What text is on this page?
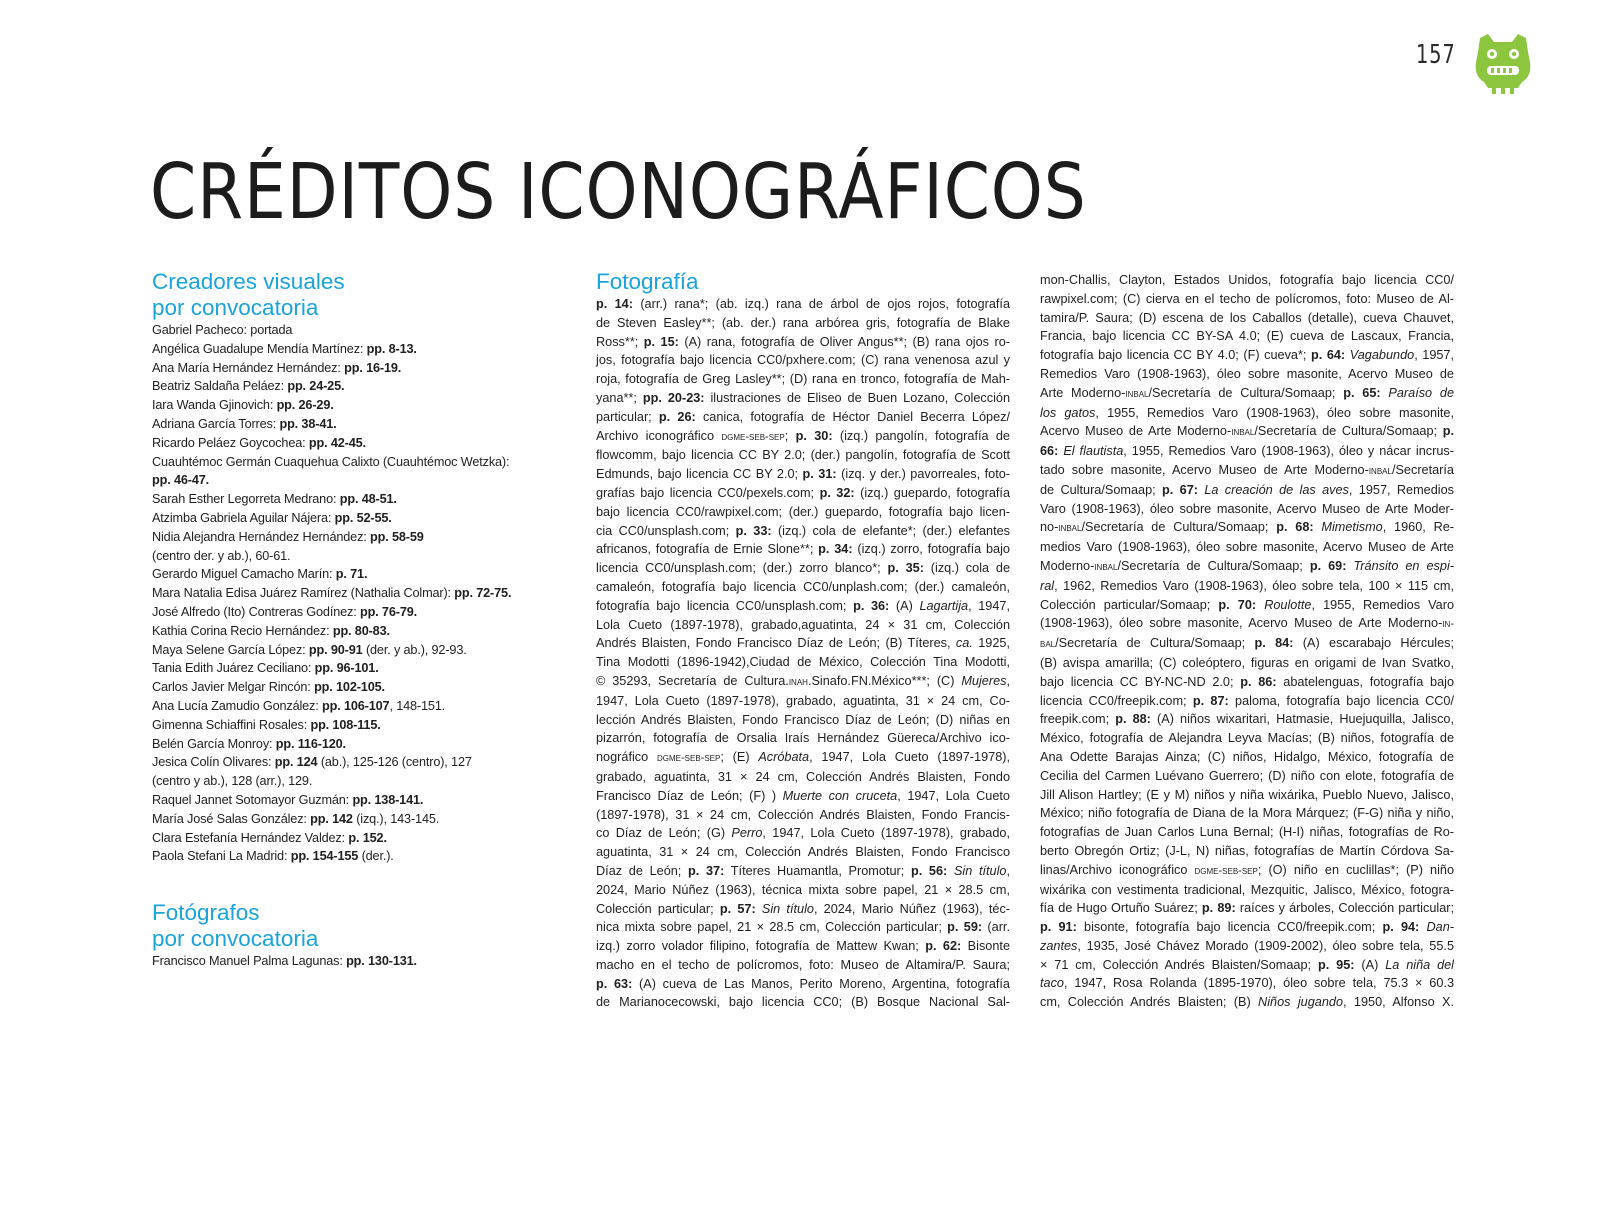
157
CRÉDITOS ICONOGRÁFICOS
Creadores visuales
por convocatoria
Gabriel Pacheco: portada
Angélica Guadalupe Mendía Martínez: pp. 8-13.
Ana María Hernández Hernández: pp. 16-19.
Beatriz Saldaña Peláez: pp. 24-25.
Iara Wanda Gjinovich: pp. 26-29.
Adriana García Torres: pp. 38-41.
Ricardo Peláez Goycochea: pp. 42-45.
Cuauhtémoc Germán Cuaquehua Calixto (Cuauhtémoc Wetzka):
pp. 46-47.
Sarah Esther Legorreta Medrano: pp. 48-51.
Atzimba Gabriela Aguilar Nájera: pp. 52-55.
Nidia Alejandra Hernández Hernández: pp. 58-59
(centro der. y ab.), 60-61.
Gerardo Miguel Camacho Marín: p. 71.
Mara Natalia Edisa Juárez Ramírez (Nathalia Colmar): pp. 72-75.
José Alfredo (Ito) Contreras Godínez: pp. 76-79.
Kathia Corina Recio Hernández: pp. 80-83.
Maya Selene García López: pp. 90-91 (der. y ab.), 92-93.
Tania Edith Juárez Ceciliano: pp. 96-101.
Carlos Javier Melgar Rincón: pp. 102-105.
Ana Lucía Zamudio González: pp. 106-107, 148-151.
Gimenna Schiaffini Rosales: pp. 108-115.
Belén García Monroy: pp. 116-120.
Jesica Colín Olivares: pp. 124 (ab.), 125-126 (centro), 127
(centro y ab.), 128 (arr.), 129.
Raquel Jannet Sotomayor Guzmán: pp. 138-141.
María José Salas González: pp. 142 (izq.), 143-145.
Clara Estefanía Hernández Valdez: p. 152.
Paola Stefani La Madrid: pp. 154-155 (der.).
Fotógrafos
por convocatoria
Francisco Manuel Palma Lagunas: pp. 130-131.
Fotografía
p. 14: (arr.) rana*; (ab. izq.) rana de árbol de ojos rojos, fotografía
de Steven Easley**; (ab. der.) rana arbórea gris, fotografía de Blake
Ross**; p. 15: (A) rana, fotografía de Oliver Angus**; (B) rana ojos ro-
jos, fotografía bajo licencia CC0/pxhere.com; (C) rana venenosa azul y
roja, fotografía de Greg Lasley**; (D) rana en tronco, fotografía de Mah-
yana**; pp. 20-23: ilustraciones de Eliseo de Buen Lozano, Colección
particular; p. 26: canica, fotografía de Héctor Daniel Becerra López/
Archivo iconográfico dgme-seb-sep; p. 30: (izq.) pangolín, fotografía de
flowcomm, bajo licencia CC BY 2.0; (der.) pangolín, fotografía de Scott
Edmunds, bajo licencia CC BY 2.0; p. 31: (izq. y der.) pavorreales, foto-
grafías bajo licencia CC0/pexels.com; p. 32: (izq.) guepardo, fotografía
bajo licencia CC0/rawpixel.com; (der.) guepardo, fotografía bajo licen-
cia CC0/unsplash.com; p. 33: (izq.) cola de elefante*; (der.) elefantes
africanos, fotografía de Ernie Slone**; p. 34: (izq.) zorro, fotografía bajo
licencia CC0/unsplash.com; (der.) zorro blanco*; p. 35: (izq.) cola de
camaleón, fotografía bajo licencia CC0/unplash.com; (der.) camaleón,
fotografía bajo licencia CC0/unsplash.com; p. 36: (A) Lagartija, 1947,
Lola Cueto (1897-1978), grabado,aguatinta, 24 × 31 cm, Colección
Andrés Blaisten, Fondo Francisco Díaz de León; (B) Títeres, ca. 1925,
Tina Modotti (1896-1942),Ciudad de México, Colección Tina Modotti,
© 35293, Secretaría de Cultura.inah.Sinafo.FN.México***; (C) Mujeres,
1947, Lola Cueto (1897-1978), grabado, aguatinta, 31 × 24 cm, Co-
lección Andrés Blaisten, Fondo Francisco Díaz de León; (D) niñas en
pizarrón, fotografía de Orsalia Iraís Hernández Güereca/Archivo ico-
nográfico dgme-seb-sep; (E) Acróbata, 1947, Lola Cueto (1897-1978),
grabado, aguatinta, 31 × 24 cm, Colección Andrés Blaisten, Fondo
Francisco Díaz de León; (F) ) Muerte con cruceta, 1947, Lola Cueto
(1897-1978), 31 × 24 cm, Colección Andrés Blaisten, Fondo Francis-
co Díaz de León; (G) Perro, 1947, Lola Cueto (1897-1978), grabado,
aguatinta, 31 × 24 cm, Colección Andrés Blaisten, Fondo Francisco
Díaz de León; p. 37: Títeres Huamantla, Promotur; p. 56: Sin título,
2024, Mario Núñez (1963), técnica mixta sobre papel, 21 × 28.5 cm,
Colección particular; p. 57: Sin título, 2024, Mario Núñez (1963), téc-
nica mixta sobre papel, 21 × 28.5 cm, Colección particular; p. 59: (arr.
izq.) zorro volador filipino, fotografía de Mattew Kwan; p. 62: Bisonte
macho en el techo de polícromos, foto: Museo de Altamira/P. Saura;
p. 63: (A) cueva de Las Manos, Perito Moreno, Argentina, fotografía
de Marianocecowski, bajo licencia CC0; (B) Bosque Nacional Sal-
mon-Challis, Clayton, Estados Unidos, fotografía bajo licencia CC0/
rawpixel.com; (C) cierva en el techo de polícromos, foto: Museo de Al-
tamira/P. Saura; (D) escena de los Caballos (detalle), cueva Chauvet,
Francia, bajo licencia CC BY-SA 4.0; (E) cueva de Lascaux, Francia,
fotografía bajo licencia CC BY 4.0; (F) cueva*; p. 64: Vagabundo, 1957,
Remedios Varo (1908-1963), óleo sobre masonite, Acervo Museo de
Arte Moderno-inbal/Secretaría de Cultura/Somaap; p. 65: Paraíso de
los gatos, 1955, Remedios Varo (1908-1963), óleo sobre masonite,
Acervo Museo de Arte Moderno-inbal/Secretaría de Cultura/Somaap; p.
66: El flautista, 1955, Remedios Varo (1908-1963), óleo y nácar incrus-
tado sobre masonite, Acervo Museo de Arte Moderno-inbal/Secretaría
de Cultura/Somaap; p. 67: La creación de las aves, 1957, Remedios
Varo (1908-1963), óleo sobre masonite, Acervo Museo de Arte Moder-
no-inbal/Secretaría de Cultura/Somaap; p. 68: Mimetismo, 1960, Re-
medios Varo (1908-1963), óleo sobre masonite, Acervo Museo de Arte
Moderno-inbal/Secretaría de Cultura/Somaap; p. 69: Tránsito en espi-
ral, 1962, Remedios Varo (1908-1963), óleo sobre tela, 100 × 115 cm,
Colección particular/Somaap; p. 70: Roulotte, 1955, Remedios Varo
(1908-1963), óleo sobre masonite, Acervo Museo de Arte Moderno-in-
bal/Secretaría de Cultura/Somaap; p. 84: (A) escarabajo Hércules;
(B) avispa amarilla; (C) coleóptero, figuras en origami de Ivan Svatko,
bajo licencia CC BY-NC-ND 2.0; p. 86: abatelenguas, fotografía bajo
licencia CC0/freepik.com; p. 87: paloma, fotografía bajo licencia CC0/
freepik.com; p. 88: (A) niños wixaritari, Hatmasie, Huejuquilla, Jalisco,
México, fotografía de Alejandra Leyva Macías; (B) niños, fotografía de
Ana Odette Barajas Ainza; (C) niños, Hidalgo, México, fotografía de
Cecilia del Carmen Luévano Guerrero; (D) niño con elote, fotografía de
Jill Alison Hartley; (E y M) niños y niña wixárika, Pueblo Nuevo, Jalisco,
México; niño fotografía de Diana de la Mora Márquez; (F-G) niña y niño,
fotografías de Juan Carlos Luna Bernal; (H-I) niñas, fotografías de Ro-
berto Obregón Ortiz; (J-L, N) niñas, fotografías de Martín Córdova Sa-
linas/Archivo iconográfico dgme-seb-sep; (O) niño en cuclillas*; (P) niño
wixárika con vestimenta tradicional, Mezquitic, Jalisco, México, fotogra-
fía de Hugo Ortuño Suárez; p. 89: raíces y árboles, Colección particular;
p. 91: bisonte, fotografía bajo licencia CC0/freepik.com; p. 94: Dan-
zantes, 1935, José Chávez Morado (1909-2002), óleo sobre tela, 55.5
× 71 cm, Colección Andrés Blaisten/Somaap; p. 95: (A) La niña del
taco, 1947, Rosa Rolanda (1895-1970), óleo sobre tela, 75.3 × 60.3
cm, Colección Andrés Blaisten; (B) Niños jugando, 1950, Alfonso X.
